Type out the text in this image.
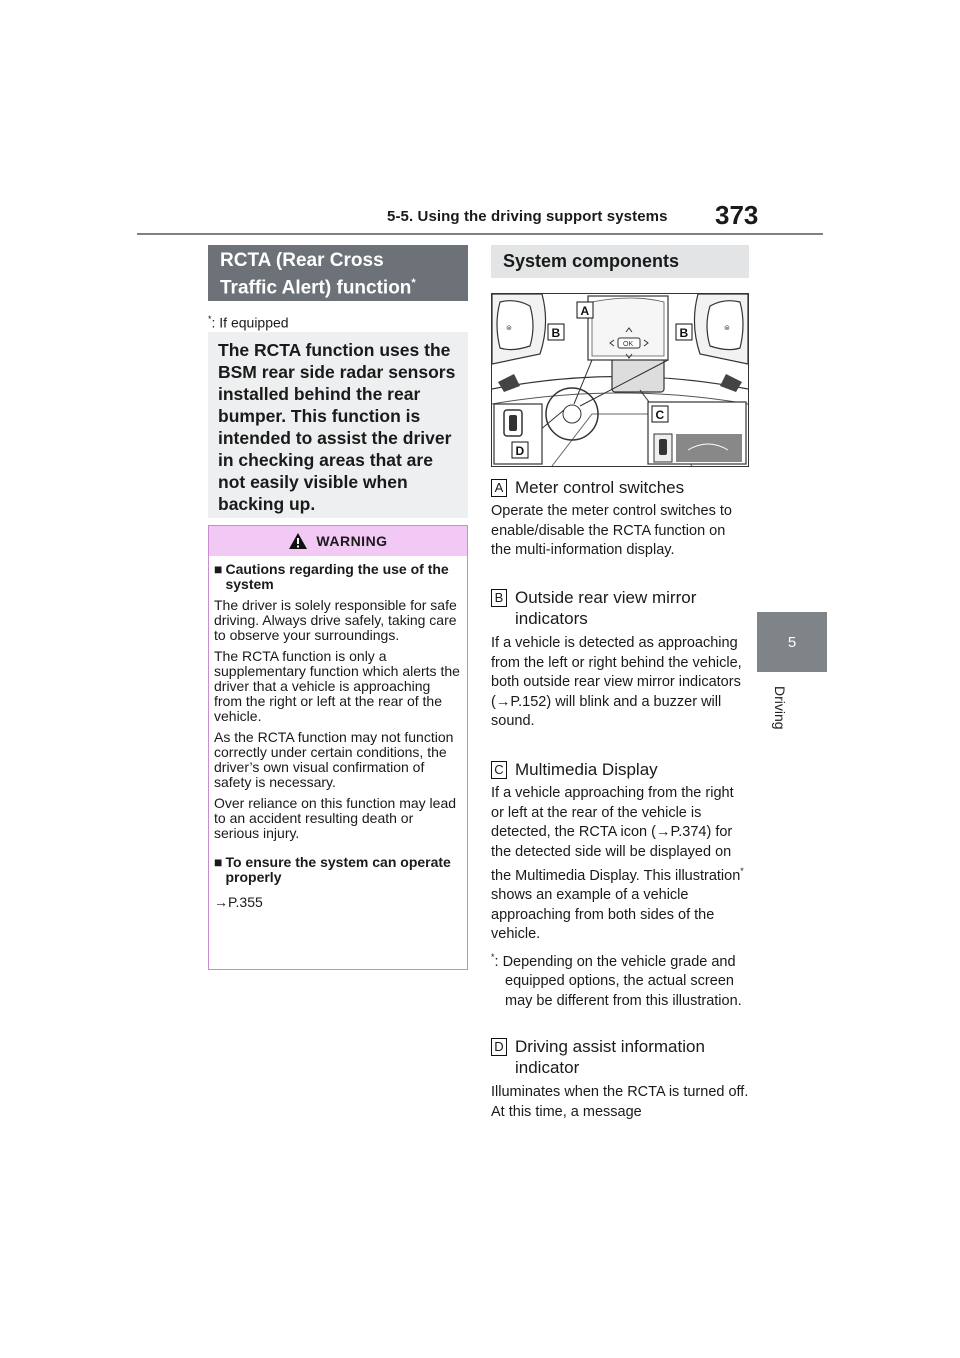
5-5. Using the driving support systems 373
5
Driving
RCTA (Rear Cross
Traffic Alert) function*
*: If equipped
The RCTA function uses the BSM rear side radar sensors installed behind the rear bumper. This function is intended to assist the driver in checking areas that are not easily visible when backing up.
WARNING
■ Cautions regarding the use of the system

The driver is solely responsible for safe driving. Always drive safely, taking care to observe your surroundings.

The RCTA function is only a supplementary function which alerts the driver that a vehicle is approaching from the right or left at the rear of the vehicle.

As the RCTA function may not function correctly under certain conditions, the driver’s own visual confirmation of safety is necessary.

Over reliance on this function may lead to an accident resulting death or serious injury.

■ To ensure the system can operate properly

→P.355

System components
⊜	⊜
OK
A
B	B
C
D
A Meter control switches
Operate the meter control switches to enable/disable the RCTA function on the multi-information display.
B Outside rear view mirror indicators
If a vehicle is detected as approaching from the left or right behind the vehicle, both outside rear view mirror indicators (→P.152) will blink and a buzzer will sound.
C Multimedia Display
If a vehicle approaching from the right or left at the rear of the vehicle is detected, the RCTA icon (→P.374) for the detected side will be displayed on the Multimedia Display. This illustration* shows an example of a vehicle approaching from both sides of the vehicle.
*: Depending on the vehicle grade and equipped options, the actual screen may be different from this illustration.
D Driving assist information indicator
Illuminates when the RCTA is turned off. At this time, a message
